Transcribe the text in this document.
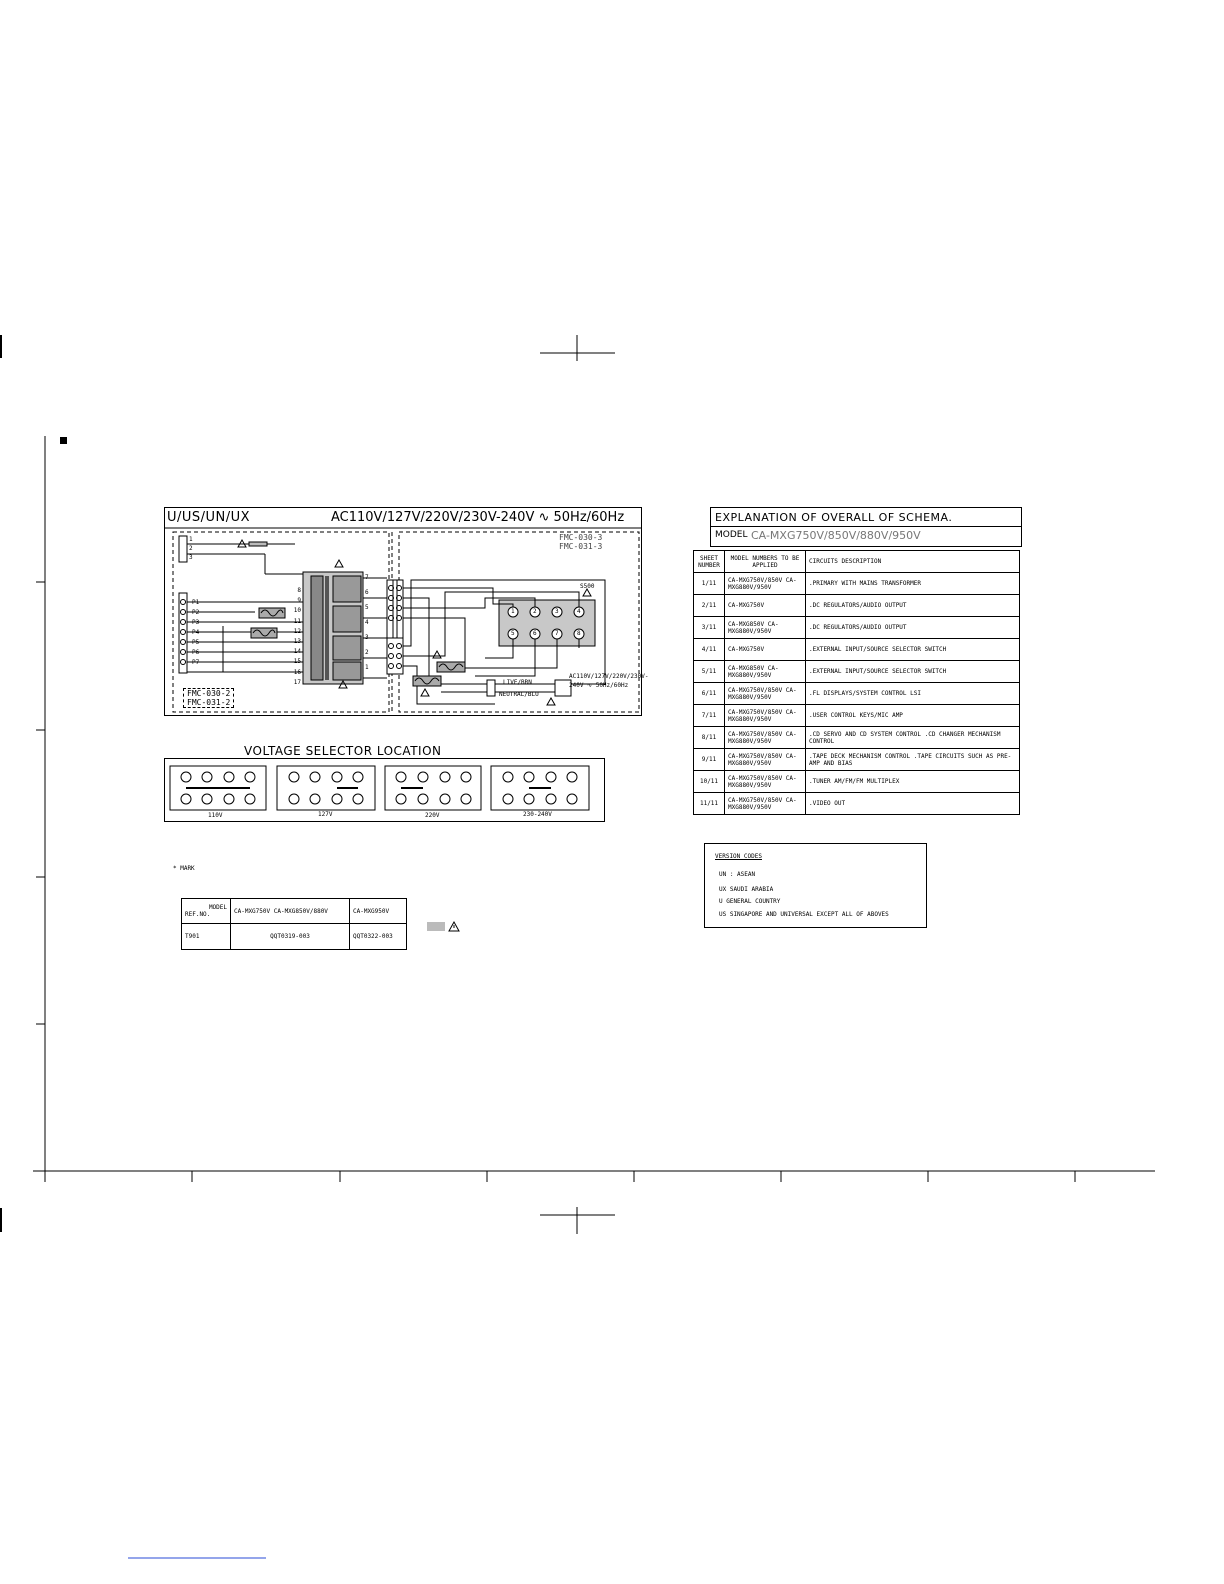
U/US/UN/UX	AC110V/127V/220V/230V-240V ∿ 50Hz/60Hz
FMC-030-3
FMC-031-3
FMC-030-2
FMC-031-2
1
2
3
P1
P2
P3
P4
P5
P6
P7
8
9
10
11
12
13
14
15
16
17
7
6
5
4
3
2
1
S500
1	2	3	4
5	6	7	8
AC110V/127V/220V/230V-240V ∿ 50Hz/60Hz
LIVE/BRN
NEUTRAL/BLU
VOLTAGE SELECTOR LOCATION
110V	127V	220V	230-240V
* MARK
MODEL
REF.NO.	CA-MXG750V CA-MXG850V/880V	CA-MXG950V
T901	QQT0319-003	QQT0322-003
EXPLANATION OF OVERALL OF SCHEMA.
MODEL CA-MXG750V/850V/880V/950V
SHEET NUMBER	MODEL NUMBERS TO BE APPLIED	CIRCUITS DESCRIPTION
1/11	CA-MXG750V/850V CA-MXG880V/950V	.PRIMARY WITH MAINS TRANSFORMER
2/11	CA-MXG750V	.DC REGULATORS/AUDIO OUTPUT
3/11	CA-MXG850V CA-MXG880V/950V	.DC REGULATORS/AUDIO OUTPUT
4/11	CA-MXG750V	.EXTERNAL INPUT/SOURCE SELECTOR SWITCH
5/11	CA-MXG850V CA-MXG880V/950V	.EXTERNAL INPUT/SOURCE SELECTOR SWITCH
6/11	CA-MXG750V/850V CA-MXG880V/950V	.FL DISPLAYS/SYSTEM CONTROL LSI
7/11	CA-MXG750V/850V CA-MXG880V/950V	.USER CONTROL KEYS/MIC AMP
8/11	CA-MXG750V/850V CA-MXG880V/950V	.CD SERVO AND CD SYSTEM CONTROL .CD CHANGER MECHANISM CONTROL
9/11	CA-MXG750V/850V CA-MXG880V/950V	.TAPE DECK MECHANISM CONTROL .TAPE CIRCUITS SUCH AS PRE-AMP AND BIAS
10/11	CA-MXG750V/850V CA-MXG880V/950V	.TUNER AM/FM/FM MULTIPLEX
11/11	CA-MXG750V/850V CA-MXG880V/950V	.VIDEO OUT
VERSION CODES
UN : ASEAN
UX SAUDI ARABIA
U GENERAL COUNTRY
US SINGAPORE AND UNIVERSAL EXCEPT ALL OF ABOVES
